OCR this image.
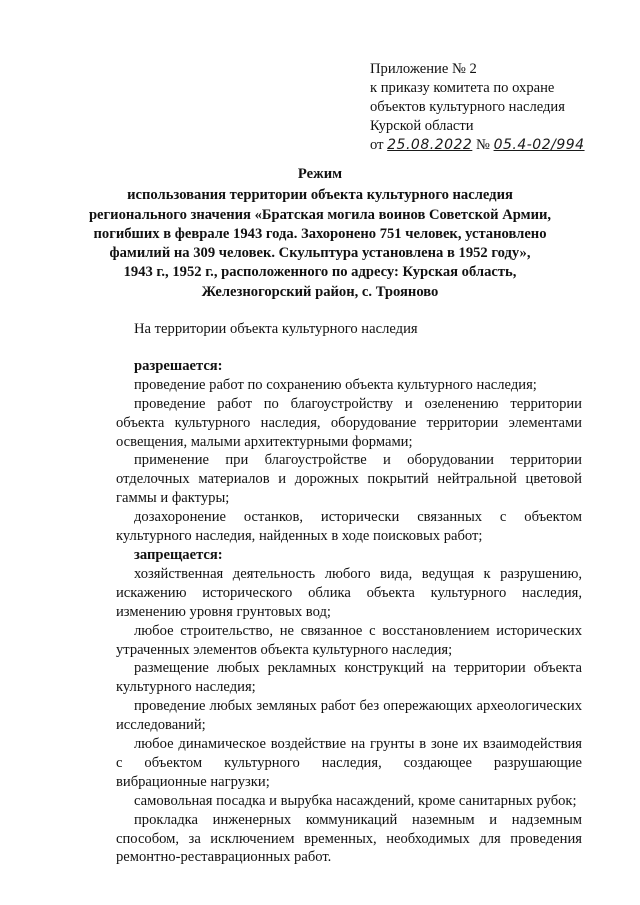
Приложение № 2
к приказу комитета по охране
объектов культурного наследия
Курской области
от 25.08.2022 № 05.4-02/994
Режим
использования территории объекта культурного наследия
регионального значения «Братская могила воинов Советской Армии,
погибших в феврале 1943 года. Захоронено 751 человек, установлено
фамилий на 309 человек. Скульптура установлена в 1952 году»,
1943 г., 1952 г., расположенного по адресу: Курская область,
Железногорский район, с. Трояново
На территории объекта культурного наследия
разрешается:
проведение работ по сохранению объекта культурного наследия;
проведение работ по благоустройству и озеленению территории объекта культурного наследия, оборудование территории элементами освещения, малыми архитектурными формами;
применение при благоустройстве и оборудовании территории отделочных материалов и дорожных покрытий нейтральной цветовой гаммы и фактуры;
дозахоронение останков, исторически связанных с объектом культурного наследия, найденных в ходе поисковых работ;
запрещается:
хозяйственная деятельность любого вида, ведущая к разрушению, искажению исторического облика объекта культурного наследия, изменению уровня грунтовых вод;
любое строительство, не связанное с восстановлением исторических утраченных элементов объекта культурного наследия;
размещение любых рекламных конструкций на территории объекта культурного наследия;
проведение любых земляных работ без опережающих археологических исследований;
любое динамическое воздействие на грунты в зоне их взаимодействия с объектом культурного наследия, создающее разрушающие вибрационные нагрузки;
самовольная посадка и вырубка насаждений, кроме санитарных рубок;
прокладка инженерных коммуникаций наземным и надземным способом, за исключением временных, необходимых для проведения ремонтно-реставрационных работ.
